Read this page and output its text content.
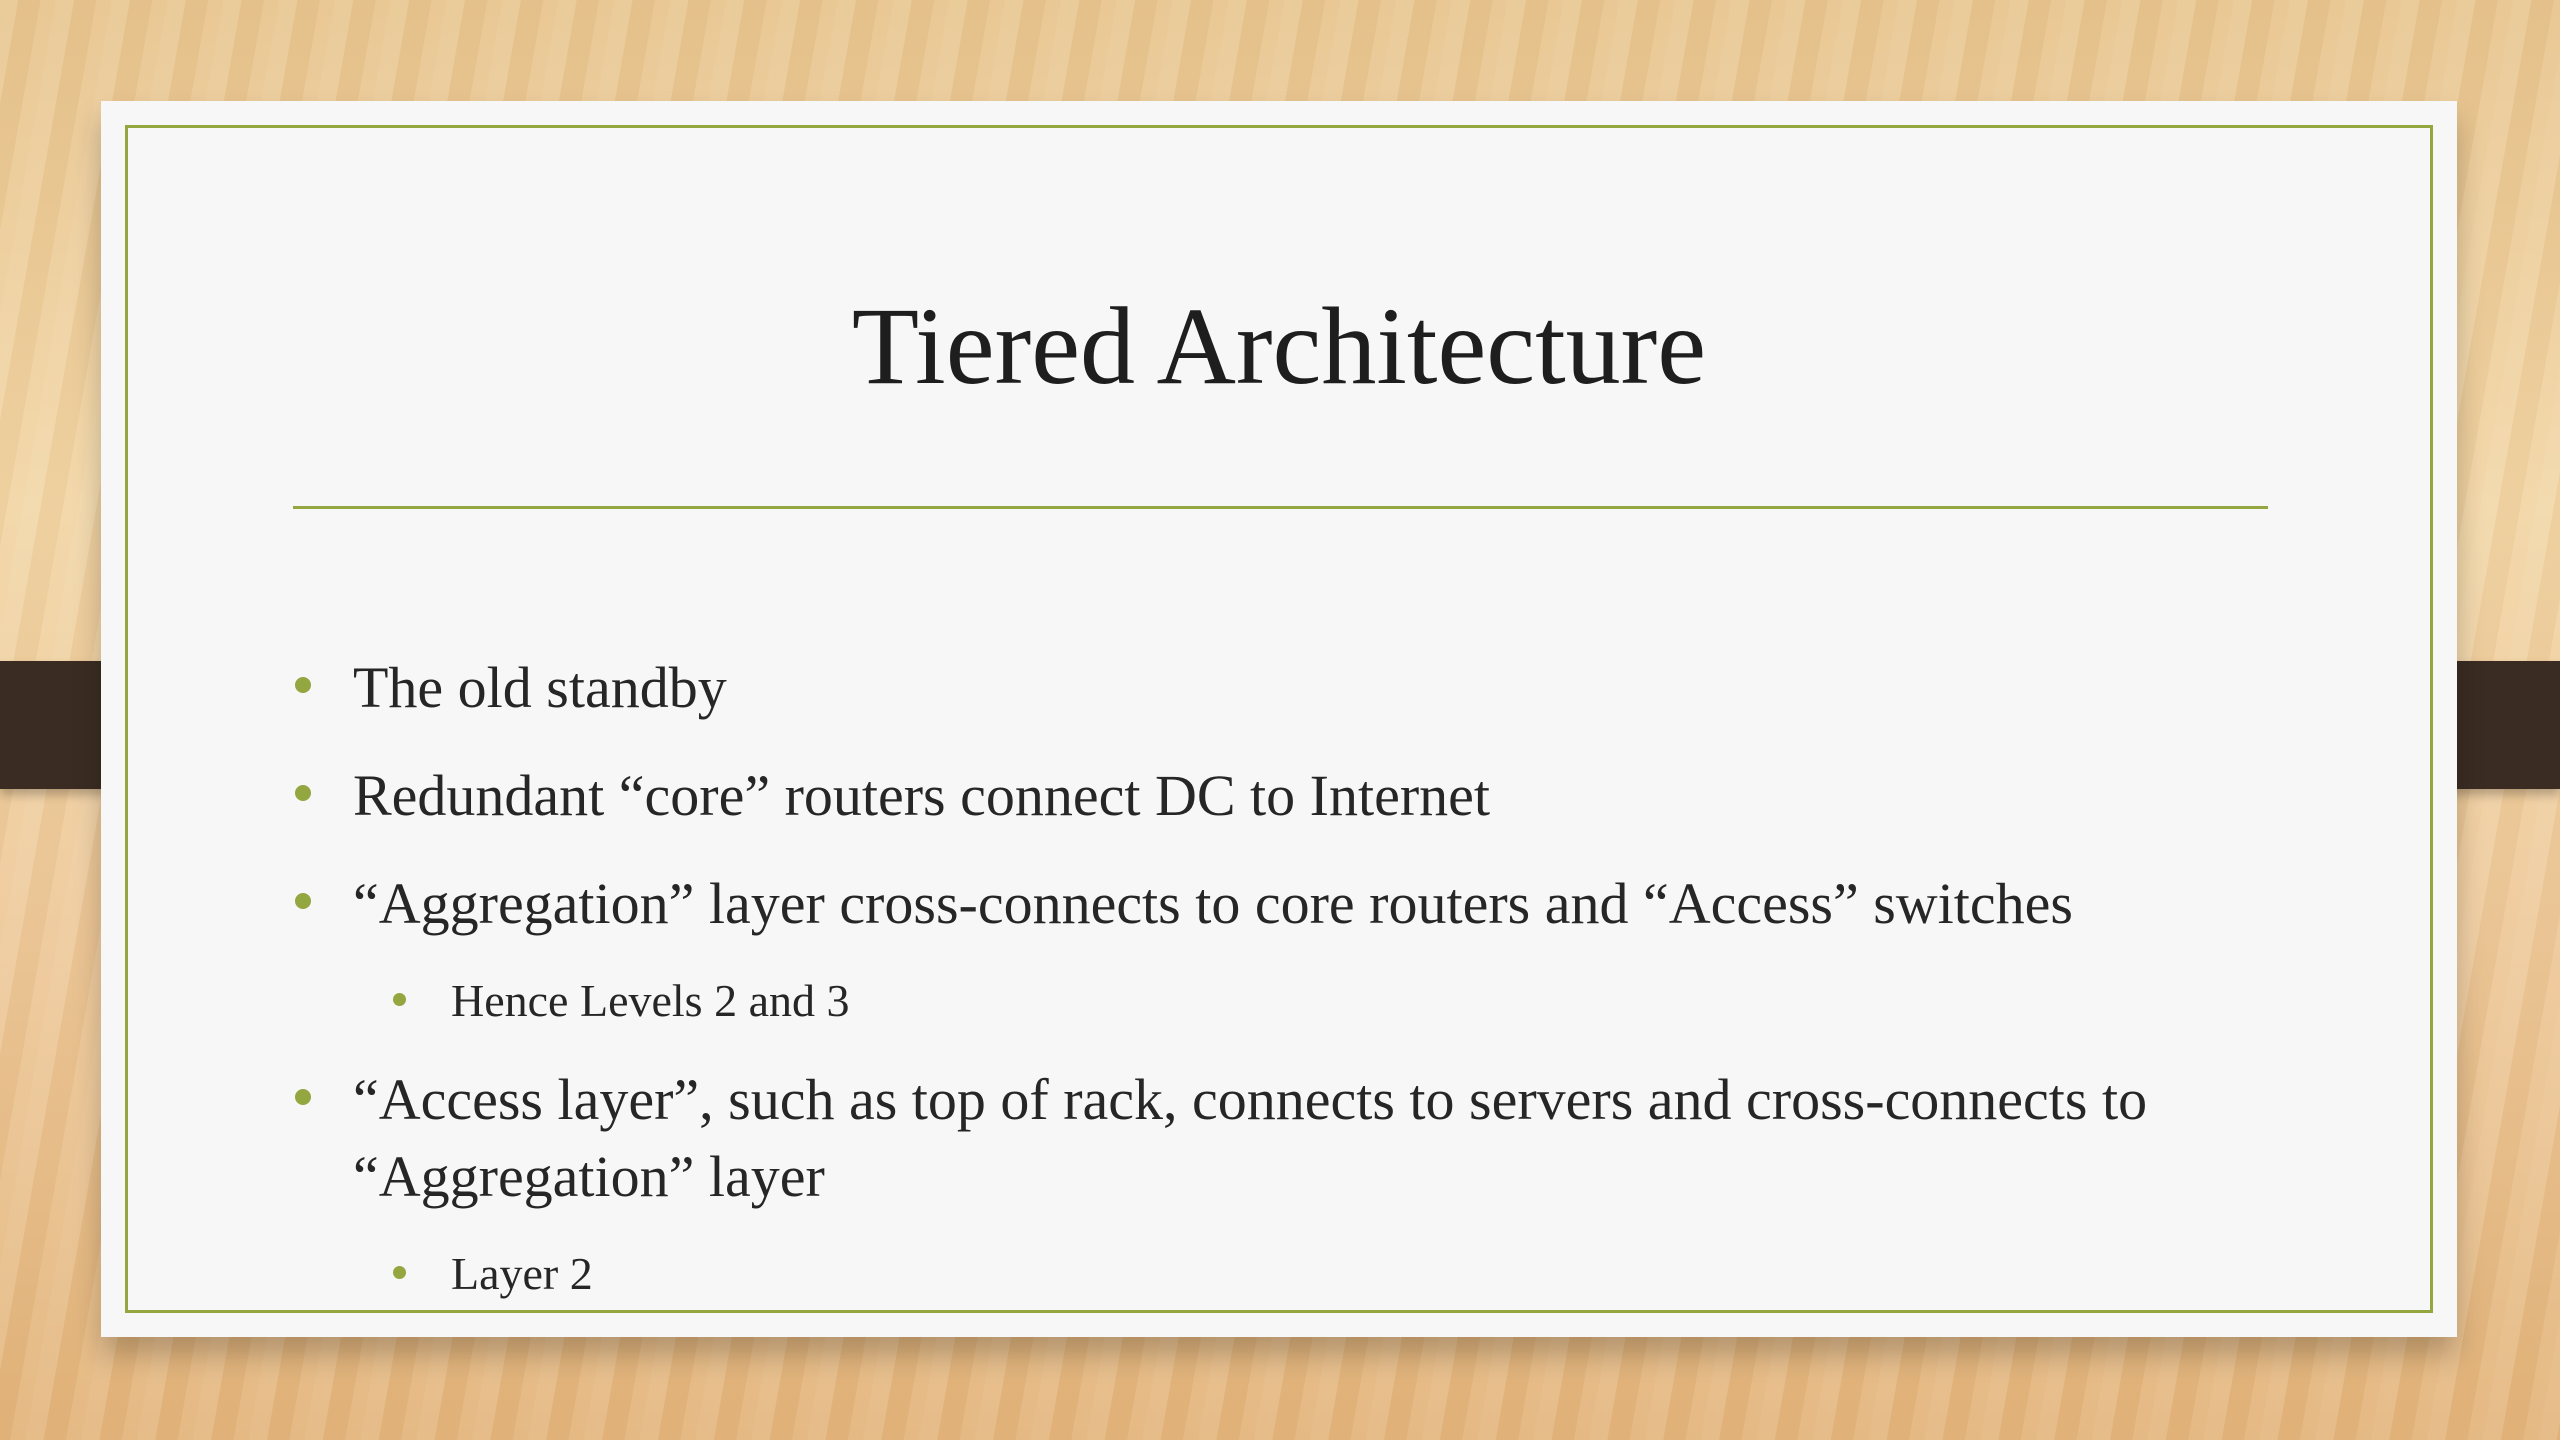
Tiered Architecture
The old standby
Redundant “core” routers connect DC to Internet
“Aggregation” layer cross-connects to core routers and “Access” switches
Hence Levels 2 and 3
“Access layer”, such as top of rack, connects to servers and cross-connects to “Aggregation” layer
Layer 2
